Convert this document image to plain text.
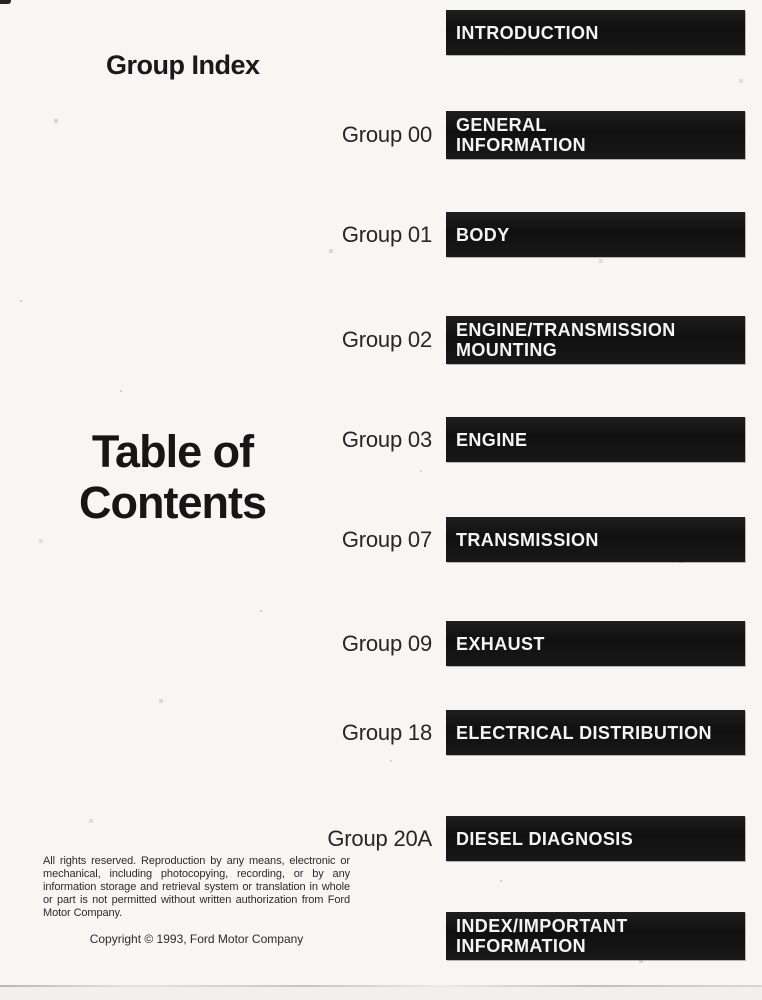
Group Index
Table of
Contents
INTRODUCTION
Group 00	GENERAL
INFORMATION
Group 01	BODY
Group 02	ENGINE/TRANSMISSION
MOUNTING
Group 03	ENGINE
Group 07	TRANSMISSION
Group 09	EXHAUST
Group 18	ELECTRICAL DISTRIBUTION
Group 20A	DIESEL DIAGNOSIS
INDEX/IMPORTANT
INFORMATION
All rights reserved. Reproduction by any means, electronic or mechanical, including photocopying, recording, or by any information storage and retrieval system or translation in whole or part is not permitted without written authorization from Ford Motor Company.
Copyright © 1993, Ford Motor Company
